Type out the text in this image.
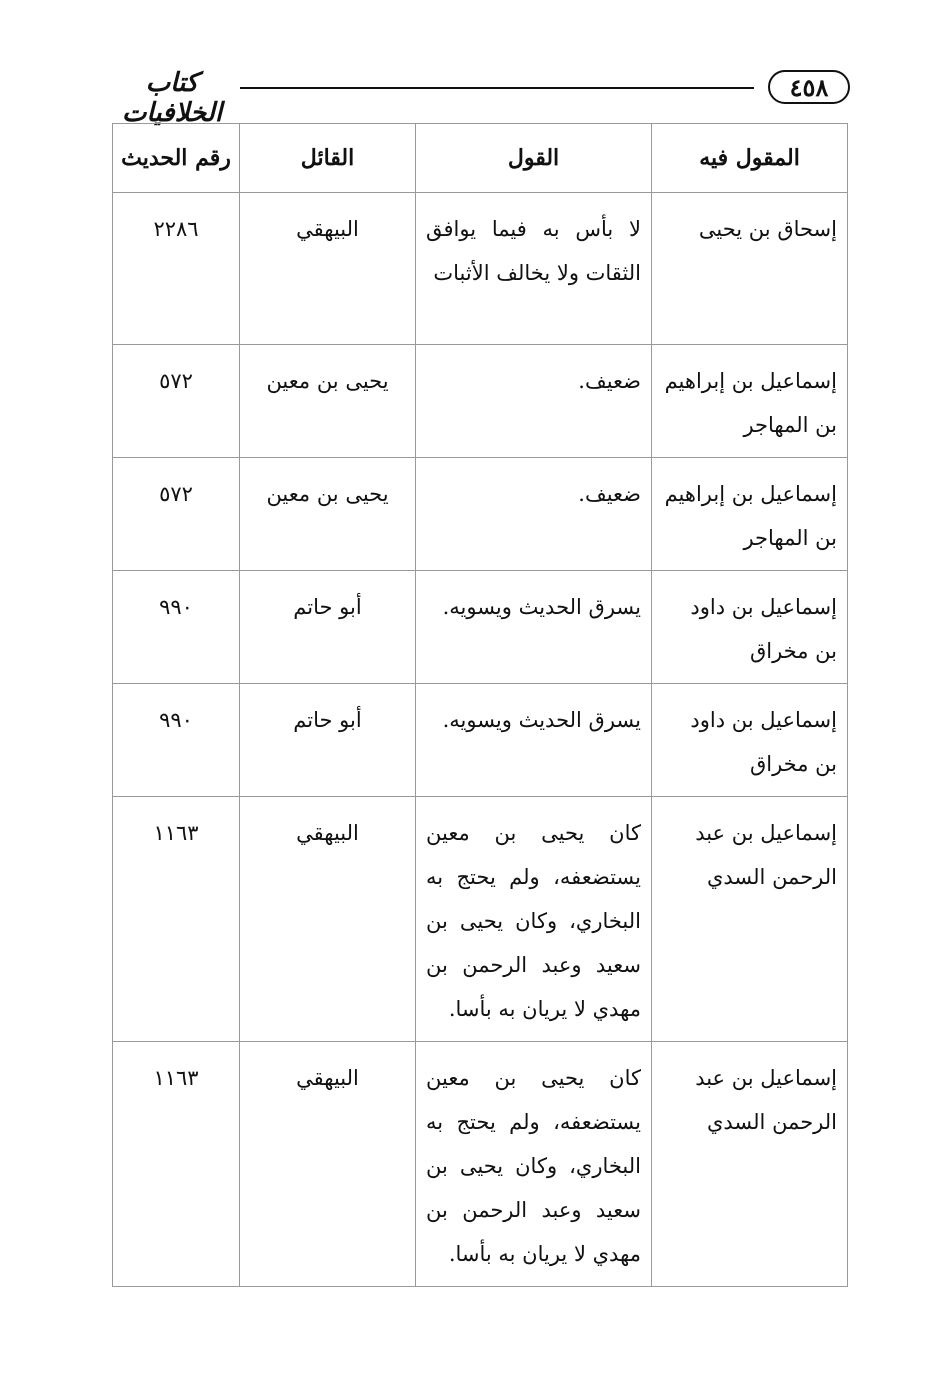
كتاب الخلافيات
٤٥٨
المقول فيه	القول	القائل	رقم الحديث
إسحاق بن يحيى	لا بأس به فيما يوافق الثقات ولا يخالف الأثبات	البيهقي	٢٢٨٦
إسماعيل بن إبراهيم بن المهاجر	ضعيف.	يحيى بن معين	٥٧٢
إسماعيل بن إبراهيم بن المهاجر	ضعيف.	يحيى بن معين	٥٧٢
إسماعيل بن داود بن مخراق	يسرق الحديث ويسويه.	أبو حاتم	٩٩٠
إسماعيل بن داود بن مخراق	يسرق الحديث ويسويه.	أبو حاتم	٩٩٠
إسماعيل بن عبد الرحمن السدي	كان يحيى بن معين يستضعفه، ولم يحتج به البخاري، وكان يحيى بن سعيد وعبد الرحمن بن مهدي لا يريان به بأسا.	البيهقي	١١٦٣
إسماعيل بن عبد الرحمن السدي	كان يحيى بن معين يستضعفه، ولم يحتج به البخاري، وكان يحيى بن سعيد وعبد الرحمن بن مهدي لا يريان به بأسا.	البيهقي	١١٦٣
